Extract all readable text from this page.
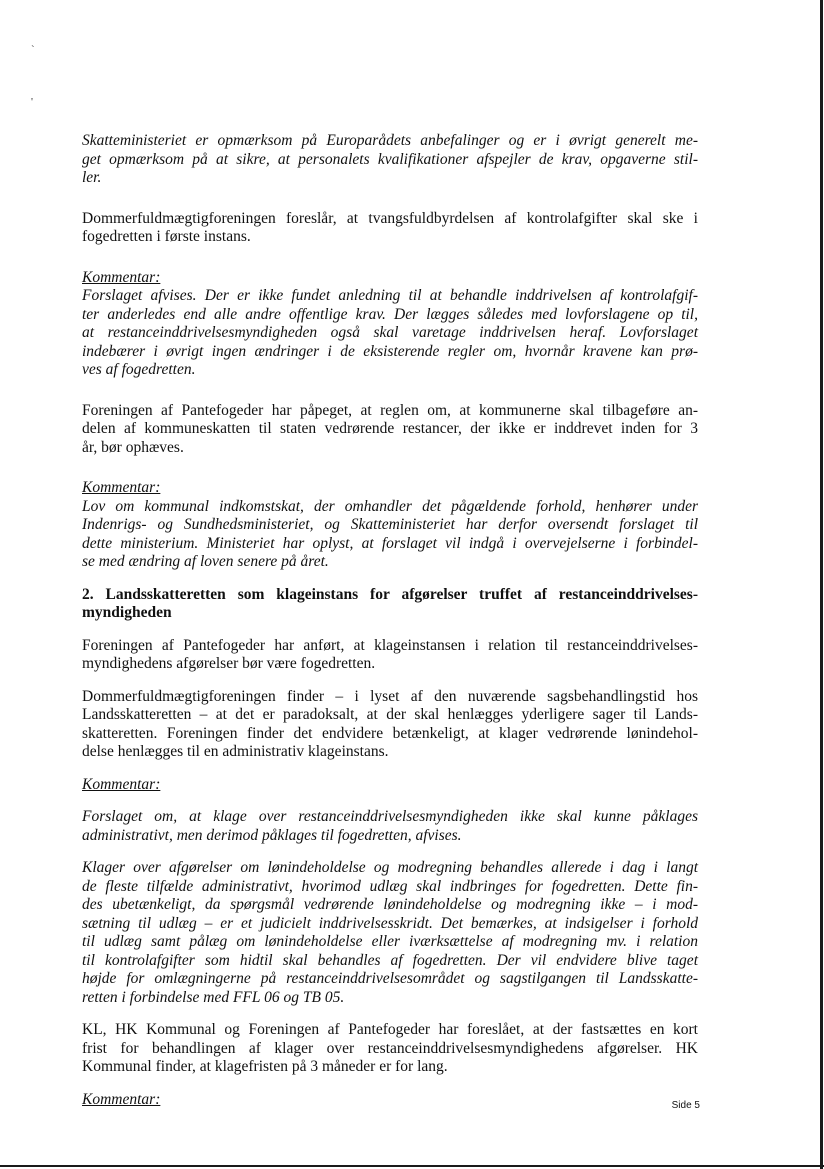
`
'

Skatteministeriet er opmærksom på Europarådets anbefalinger og er i øvrigt generelt me-
get opmærksom på at sikre, at personalets kvalifikationer afspejler de krav, opgaverne stil-
ler.

Dommerfuldmægtigforeningen foreslår, at tvangsfuldbyrdelsen af kontrolafgifter skal ske i
fogedretten i første instans.

Kommentar:

Forslaget afvises. Der er ikke fundet anledning til at behandle inddrivelsen af kontrolafgif-
ter anderledes end alle andre offentlige krav. Der lægges således med lovforslagene op til,
at restanceinddrivelsesmyndigheden også skal varetage inddrivelsen heraf. Lovforslaget
indebærer i øvrigt ingen ændringer i de eksisterende regler om, hvornår kravene kan prø-
ves af fogedretten.

Foreningen af Pantefogeder har påpeget, at reglen om, at kommunerne skal tilbageføre an-
delen af kommuneskatten til staten vedrørende restancer, der ikke er inddrevet inden for 3
år, bør ophæves.

Kommentar:

Lov om kommunal indkomstskat, der omhandler det pågældende forhold, henhører under
Indenrigs- og Sundhedsministeriet, og Skatteministeriet har derfor oversendt forslaget til
dette ministerium. Ministeriet har oplyst, at forslaget vil indgå i overvejelserne i forbindel-
se med ændring af loven senere på året.

2. Landsskatteretten som klageinstans for afgørelser truffet af restanceinddrivelses-
myndigheden

Foreningen af Pantefogeder har anført, at klageinstansen i relation til restanceinddrivelses-
myndighedens afgørelser bør være fogedretten.

Dommerfuldmægtigforeningen finder – i lyset af den nuværende sagsbehandlingstid hos
Landsskatteretten – at det er paradoksalt, at der skal henlægges yderligere sager til Lands-
skatteretten. Foreningen finder det endvidere betænkeligt, at klager vedrørende lønindehol-
delse henlægges til en administrativ klageinstans.

Kommentar:

Forslaget om, at klage over restanceinddrivelsesmyndigheden ikke skal kunne påklages
administrativt, men derimod påklages til fogedretten, afvises.

Klager over afgørelser om lønindeholdelse og modregning behandles allerede i dag i langt
de fleste tilfælde administrativt, hvorimod udlæg skal indbringes for fogedretten. Dette fin-
des ubetænkeligt, da spørgsmål vedrørende lønindeholdelse og modregning ikke – i mod-
sætning til udlæg – er et judicielt inddrivelsesskridt. Det bemærkes, at indsigelser i forhold
til udlæg samt pålæg om lønindeholdelse eller iværksættelse af modregning mv. i relation
til kontrolafgifter som hidtil skal behandles af fogedretten. Der vil endvidere blive taget
højde for omlægningerne på restanceinddrivelsesområdet og sagstilgangen til Landsskatte-
retten i forbindelse med FFL 06 og TB 05.

KL, HK Kommunal og Foreningen af Pantefogeder har foreslået, at der fastsættes en kort
frist for behandlingen af klager over restanceinddrivelsesmyndighedens afgørelser. HK
Kommunal finder, at klagefristen på 3 måneder er for lang.

Kommentar:	Side 5
